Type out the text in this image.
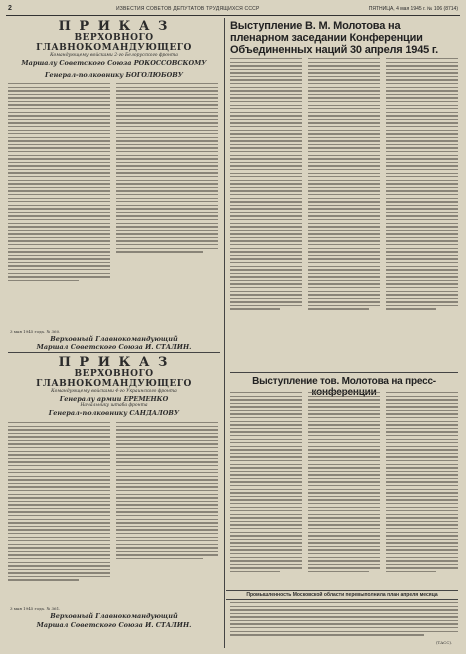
2	ИЗВЕСТИЯ СОВЕТОВ ДЕПУТАТОВ ТРУДЯЩИХСЯ СССР	ПЯТНИЦА, 4 мая 1945 г. № 106 (8714)
П Р И К А З
ВЕРХОВНОГО ГЛАВНОКОМАНДУЮЩЕГО
Командующему войсками 2-го Белорусского фронта
Маршалу Советского Союза РОКОССОВСКОМУ
Генерал-полковнику БОГОЛЮБОВУ
Верховный Главнокомандующий
Маршал Советского Союза И. СТАЛИН.
3 мая 1945 года. № 360.
П Р И К А З
ВЕРХОВНОГО ГЛАВНОКОМАНДУЮЩЕГО
Командующему войсками 4-го Украинского фронта
Генералу армии ЕРЕМЕНКО
Начальнику штаба фронта
Генерал-полковнику САНДАЛОВУ
3 мая 1945 года. № 361.
Верховный Главнокомандующий
Маршал Советского Союза И. СТАЛИН.
Выступление В. М. Молотова на пленарном заседании Конференции Объединенных наций 30 апреля 1945 г.
Выступление тов. Молотова на пресс-
Промышленность Московской области перевыполнила план апреля месяца
(ТАСС).
